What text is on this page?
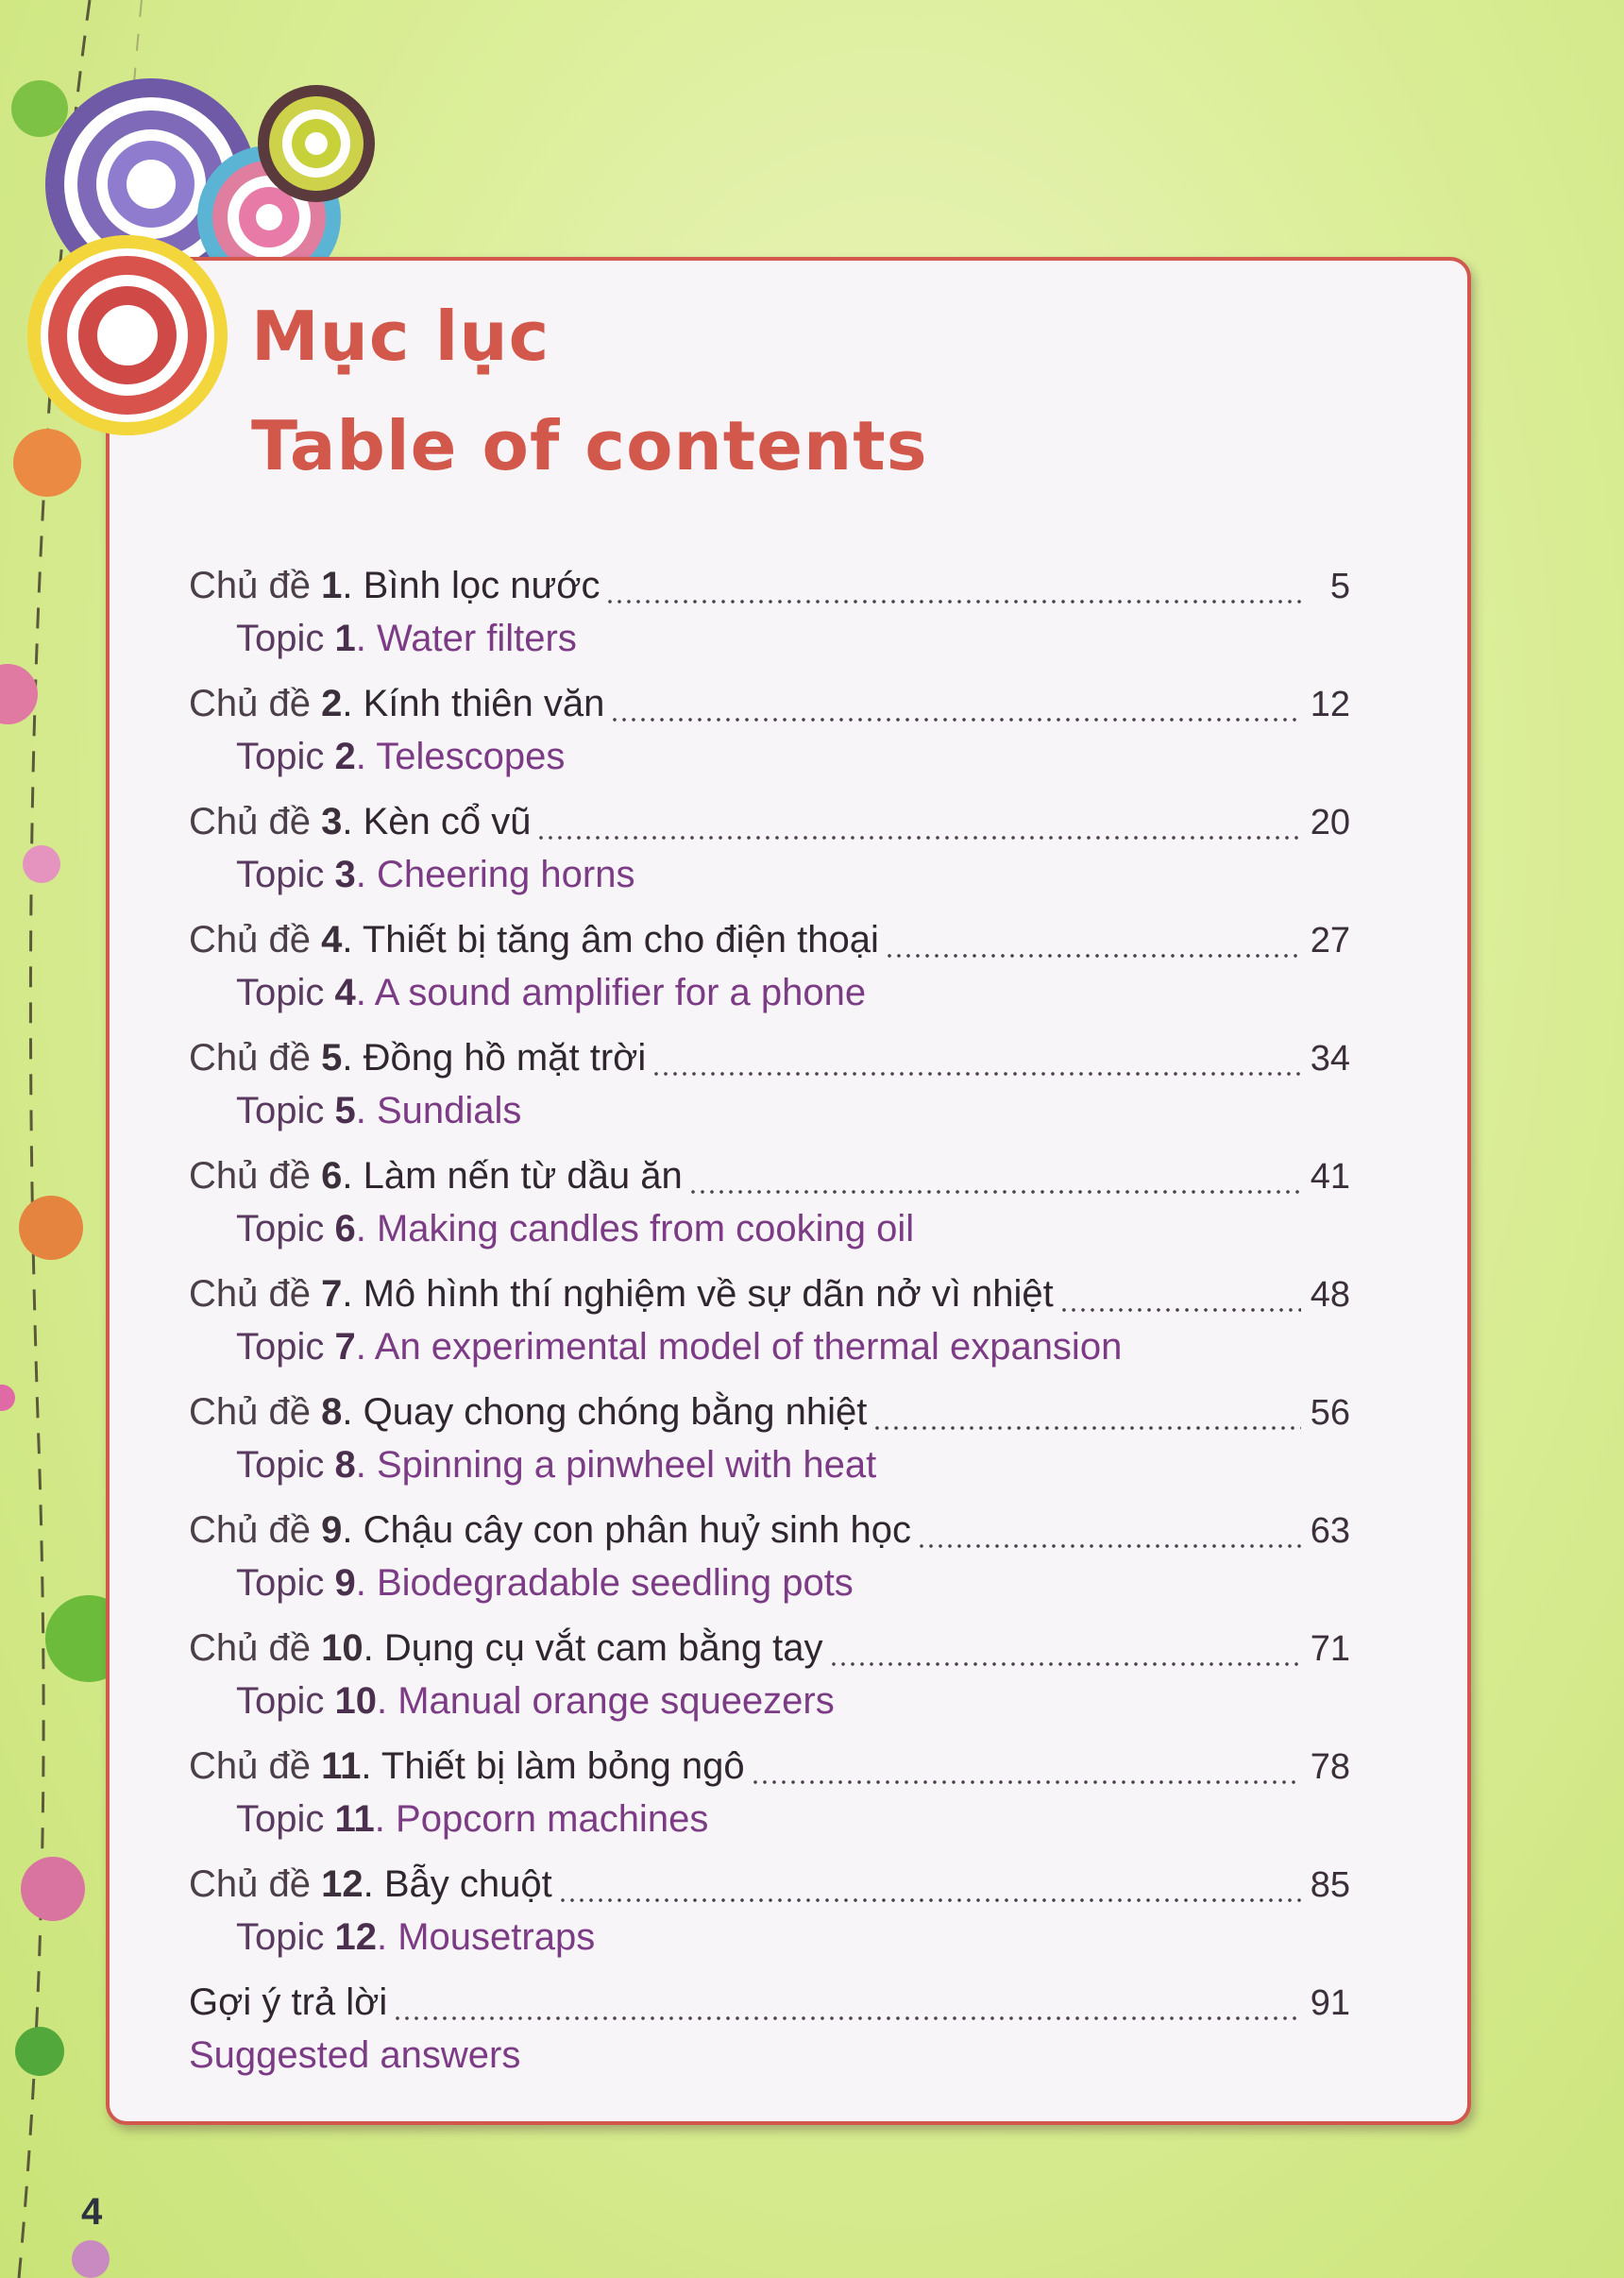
Mục lục
Table of contents
Chủ đề 1 . Bình lọc nước	5
Topic 1 . Water filters
Chủ đề 2 . Kính thiên văn	12
Topic 2 . Telescopes
Chủ đề 3 . Kèn cổ vũ	20
Topic 3 . Cheering horns
Chủ đề 4 . Thiết bị tăng âm cho điện thoại	27
Topic 4 . A sound amplifier for a phone
Chủ đề 5 . Đồng hồ mặt trời	34
Topic 5 . Sundials
Chủ đề 6 . Làm nến từ dầu ăn	41
Topic 6 . Making candles from cooking oil
Chủ đề 7 . Mô hình thí nghiệm về sự dãn nở vì nhiệt	48
Topic 7 . An experimental model of thermal expansion
Chủ đề 8 . Quay chong chóng bằng nhiệt	56
Topic 8 . Spinning a pinwheel with heat
Chủ đề 9 . Chậu cây con phân huỷ sinh học	63
Topic 9 . Biodegradable seedling pots
Chủ đề 10 . Dụng cụ vắt cam bằng tay	71
Topic 10 . Manual orange squeezers
Chủ đề 11 . Thiết bị làm bỏng ngô	78
Topic 11 . Popcorn machines
Chủ đề 12 . Bẫy chuột	85
Topic 12 . Mousetraps
Gợi ý trả lời	91
Suggested answers
4
